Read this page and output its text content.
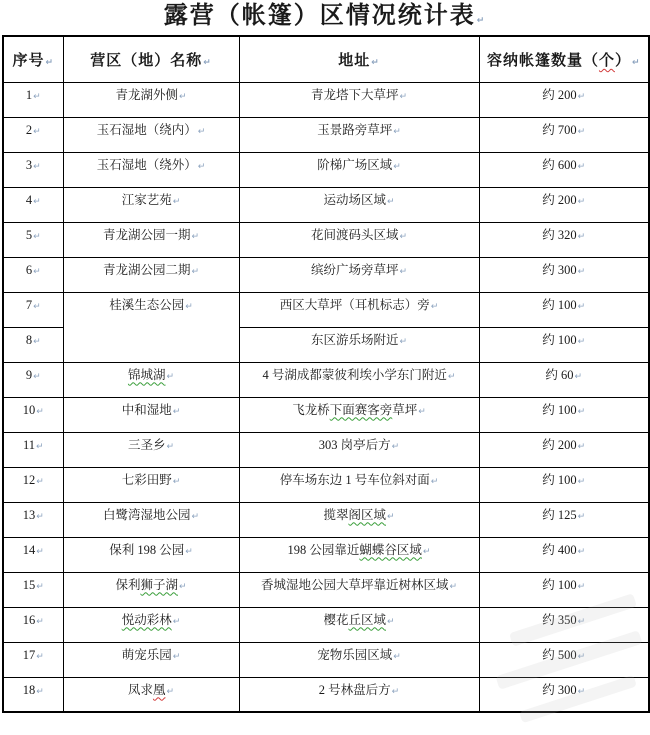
露营（帐篷）区情况统计表↵
序号↵	营区（地）名称↵	地址↵	容纳帐篷数量（个）↵
1↵	青龙湖外侧↵	青龙塔下大草坪↵	约 200↵
2↵	玉石湿地（绕内）↵	玉景路旁草坪↵	约 700↵
3↵	玉石湿地（绕外）↵	阶梯广场区域↵	约 600↵
4↵	江家艺苑↵	运动场区域↵	约 200↵
5↵	青龙湖公园一期↵	花间渡码头区域↵	约 320↵
6↵	青龙湖公园二期↵	缤纷广场旁草坪↵	约 300↵
7↵	桂溪生态公园↵	西区大草坪（耳机标志）旁↵	约 100↵
8↵		东区游乐场附近↵	约 100↵
9↵	锦城湖↵	4 号湖成都蒙彼利埃小学东门附近↵	约 60↵
10↵	中和湿地↵	飞龙桥下面赛客旁草坪↵	约 100↵
11↵	三圣乡↵	303 岗亭后方↵	约 200↵
12↵	七彩田野↵	停车场东边 1 号车位斜对面↵	约 100↵
13↵	白鹭湾湿地公园↵	揽翠阁区域↵	约 125↵
14↵	保利 198 公园↵	198 公园靠近蝴蝶谷区域↵	约 400↵
15↵	保利狮子湖↵	香城湿地公园大草坪靠近树林区域↵	约 100↵
16↵	悦动彩林↵	樱花丘区域↵	约 350↵
17↵	萌宠乐园↵	宠物乐园区域↵	约 500↵
18↵	凤求凰↵	2 号林盘后方↵	约 300↵
